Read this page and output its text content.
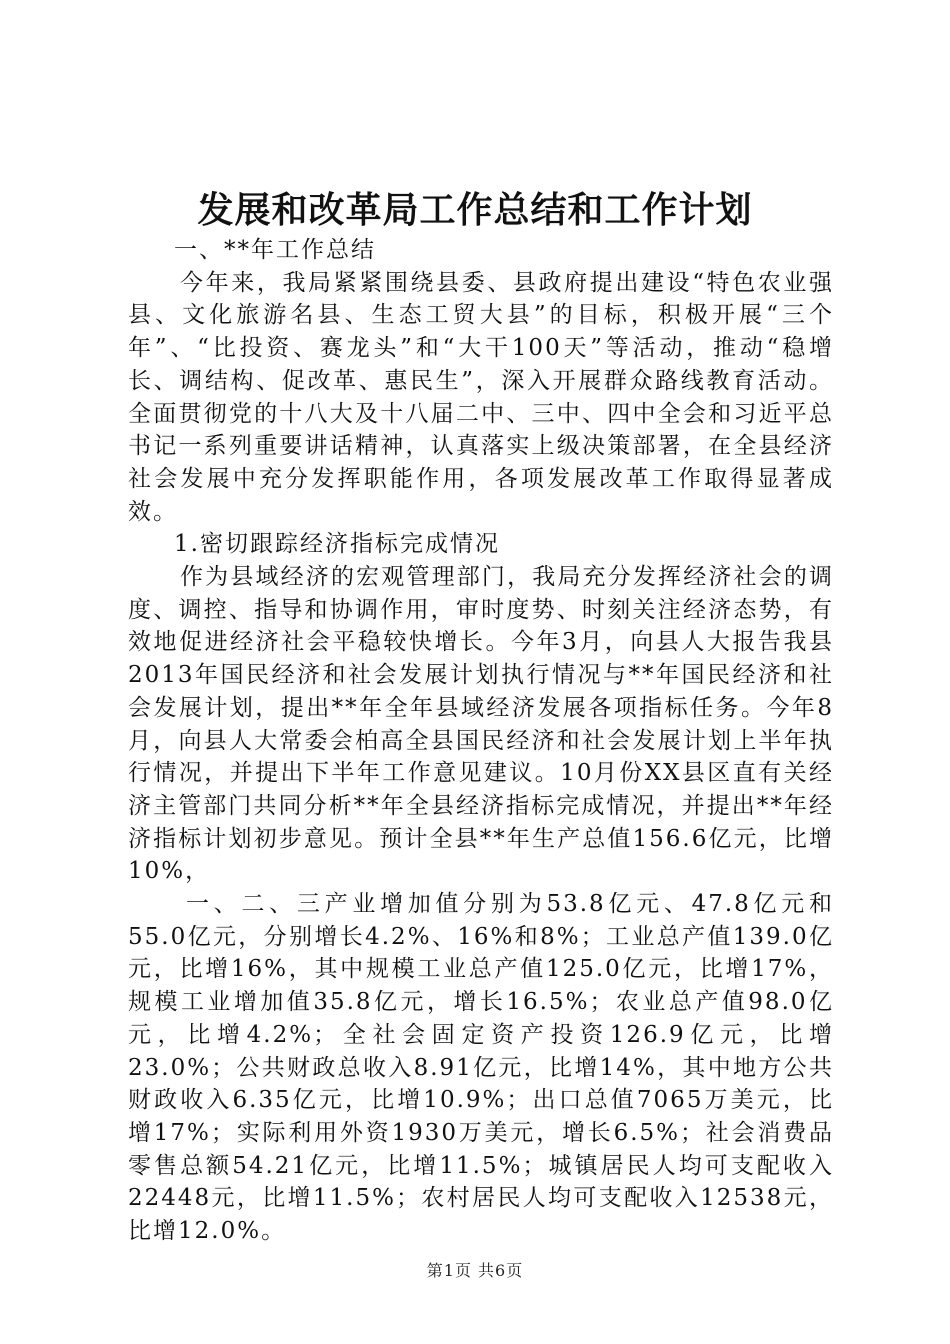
发展和改革局工作总结和工作计划

一、**年工作总结

今年来，我局紧紧围绕县委、县政府提出建设“特色农业强县、文化旅游名县、生态工贸大县”的目标，积极开展“三个年”、“比投资、赛龙头”和“大干100天”等活动，推动“稳增长、调结构、促改革、惠民生”，深入开展群众路线教育活动。全面贯彻党的十八大及十八届二中、三中、四中全会和习近平总书记一系列重要讲话精神，认真落实上级决策部署，在全县经济社会发展中充分发挥职能作用，各项发展改革工作取得显著成效。

1.密切跟踪经济指标完成情况

作为县域经济的宏观管理部门，我局充分发挥经济社会的调度、调控、指导和协调作用，审时度势、时刻关注经济态势，有效地促进经济社会平稳较快增长。今年3月，向县人大报告我县2013年国民经济和社会发展计划执行情况与**年国民经济和社会发展计划，提出**年全年县域经济发展各项指标任务。今年8月，向县人大常委会柏高全县国民经济和社会发展计划上半年执行情况，并提出下半年工作意见建议。10月份XX县区直有关经济主管部门共同分析**年全县经济指标完成情况，并提出**年经济指标计划初步意见。预计全县**年生产总值156.6亿元，比增10%，

一、二、三产业增加值分别为53.8亿元、47.8亿元和55.0亿元，分别增长4.2%、16%和8%；工业总产值139.0亿元，比增16%，其中规模工业总产值125.0亿元，比增17%，规模工业增加值35.8亿元，增长16.5%；农业总产值98.0亿元，比增4.2%；全社会固定资产投资126.9亿元，比增23.0%；公共财政总收入8.91亿元，比增14%，其中地方公共财政收入6.35亿元，比增10.9%；出口总值7065万美元，比增17%；实际利用外资1930万美元，增长6.5%；社会消费品零售总额54.21亿元，比增11.5%；城镇居民人均可支配收入22448元，比增11.5%；农村居民人均可支配收入12538元，比增12.0%。

第1页 共6页
